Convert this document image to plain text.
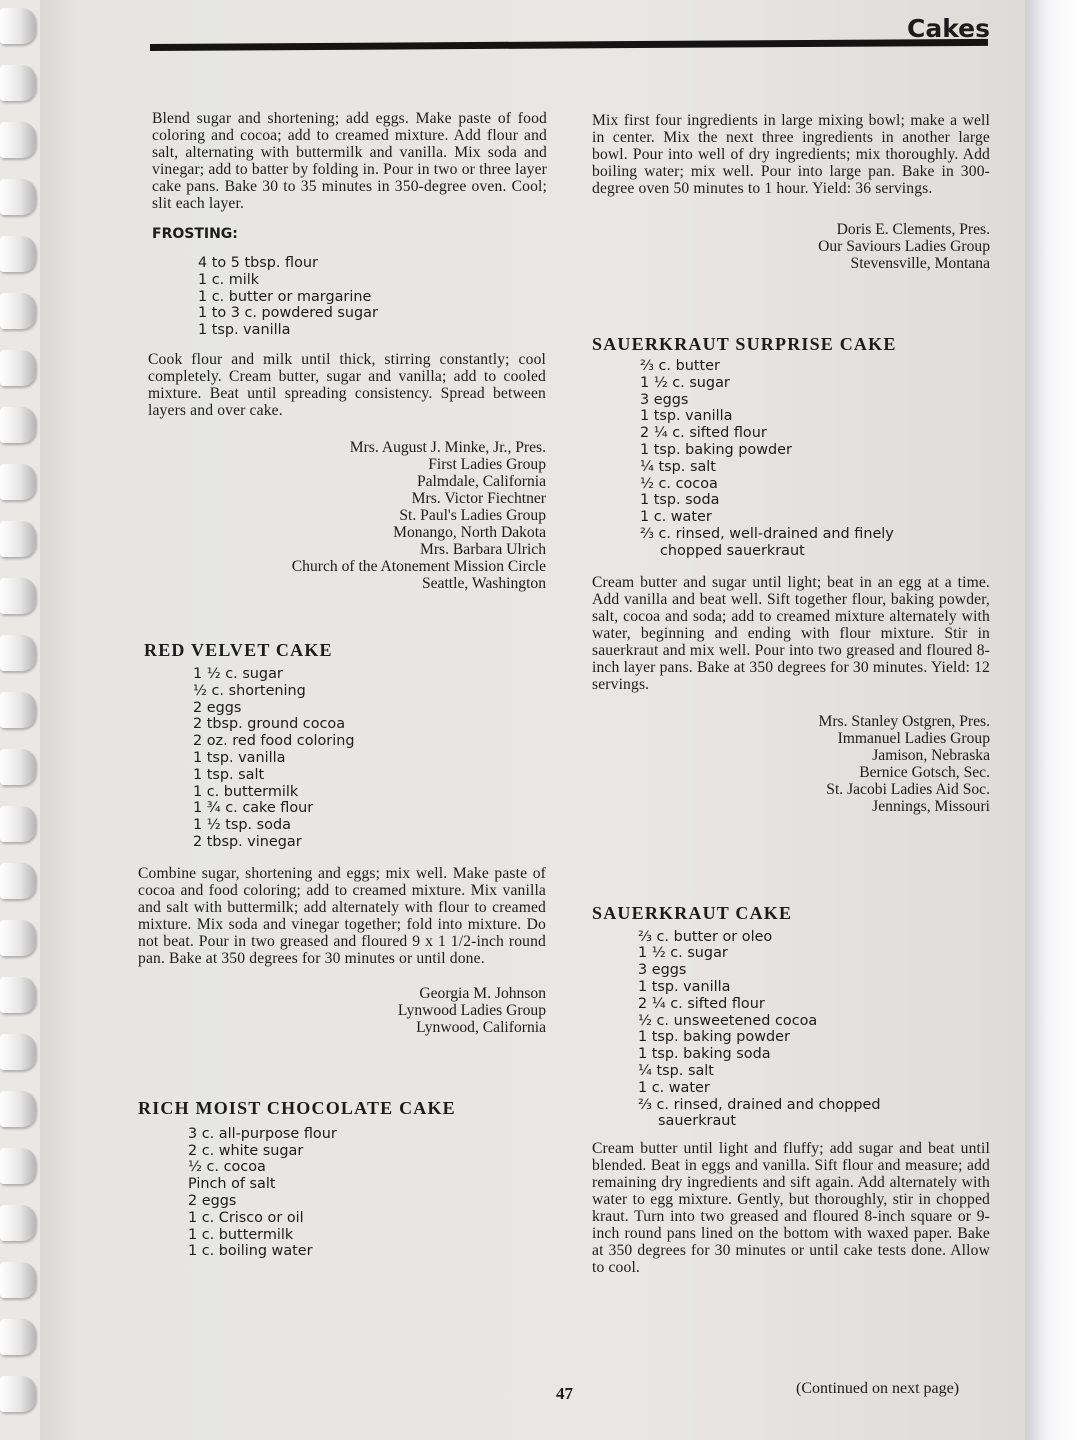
Cakes

Blend sugar and shortening; add eggs. Make paste of food coloring and cocoa; add to creamed mixture. Add flour and salt, alternating with buttermilk and vanilla. Mix soda and vinegar; add to batter by folding in. Pour in two or three layer cake pans. Bake 30 to 35 minutes in 350-degree oven. Cool; slit each layer.

FROSTING:

4 to 5 tbsp. flour
1 c. milk
1 c. butter or margarine
1 to 3 c. powdered sugar
1 tsp. vanilla

Cook flour and milk until thick, stirring constantly; cool completely. Cream butter, sugar and vanilla; add to cooled mixture. Beat until spreading consistency. Spread between layers and over cake.

Mrs. August J. Minke, Jr., Pres.
First Ladies Group
Palmdale, California
Mrs. Victor Fiechtner
St. Paul's Ladies Group
Monango, North Dakota
Mrs. Barbara Ulrich
Church of the Atonement Mission Circle
Seattle, Washington

RED VELVET CAKE

1 ½ c. sugar
½ c. shortening
2 eggs
2 tbsp. ground cocoa
2 oz. red food coloring
1 tsp. vanilla
1 tsp. salt
1 c. buttermilk
1 ¾ c. cake flour
1 ½ tsp. soda
2 tbsp. vinegar

Combine sugar, shortening and eggs; mix well. Make paste of cocoa and food coloring; add to creamed mixture. Mix vanilla and salt with buttermilk; add alternately with flour to creamed mixture. Mix soda and vinegar together; fold into mixture. Do not beat. Pour in two greased and floured 9 x 1 1/2-inch round pan. Bake at 350 degrees for 30 minutes or until done.

Georgia M. Johnson
Lynwood Ladies Group
Lynwood, California

RICH MOIST CHOCOLATE CAKE

3 c. all-purpose flour
2 c. white sugar
½ c. cocoa
Pinch of salt
2 eggs
1 c. Crisco or oil
1 c. buttermilk
1 c. boiling water

Mix first four ingredients in large mixing bowl; make a well in center. Mix the next three ingredients in another large bowl. Pour into well of dry ingredients; mix thoroughly. Add boiling water; mix well. Pour into large pan. Bake in 300-degree oven 50 minutes to 1 hour. Yield: 36 servings.

Doris E. Clements, Pres.
Our Saviours Ladies Group
Stevensville, Montana

SAUERKRAUT SURPRISE CAKE

⅔ c. butter
1 ½ c. sugar
3 eggs
1 tsp. vanilla
2 ¼ c. sifted flour
1 tsp. baking powder
¼ tsp. salt
½ c. cocoa
1 tsp. soda
1 c. water
⅔ c. rinsed, well-drained and finely
chopped sauerkraut

Cream butter and sugar until light; beat in an egg at a time. Add vanilla and beat well. Sift together flour, baking powder, salt, cocoa and soda; add to creamed mixture alternately with water, beginning and ending with flour mixture. Stir in sauerkraut and mix well. Pour into two greased and floured 8-inch layer pans. Bake at 350 degrees for 30 minutes. Yield: 12 servings.

Mrs. Stanley Ostgren, Pres.
Immanuel Ladies Group
Jamison, Nebraska
Bernice Gotsch, Sec.
St. Jacobi Ladies Aid Soc.
Jennings, Missouri

SAUERKRAUT CAKE

⅔ c. butter or oleo
1 ½ c. sugar
3 eggs
1 tsp. vanilla
2 ¼ c. sifted flour
½ c. unsweetened cocoa
1 tsp. baking powder
1 tsp. baking soda
¼ tsp. salt
1 c. water
⅔ c. rinsed, drained and chopped
sauerkraut

Cream butter until light and fluffy; add sugar and beat until blended. Beat in eggs and vanilla. Sift flour and measure; add remaining dry ingredients and sift again. Add alternately with water to egg mixture. Gently, but thoroughly, stir in chopped kraut. Turn into two greased and floured 8-inch square or 9-inch round pans lined on the bottom with waxed paper. Bake at 350 degrees for 30 minutes or until cake tests done. Allow to cool.

47	(Continued on next page)
